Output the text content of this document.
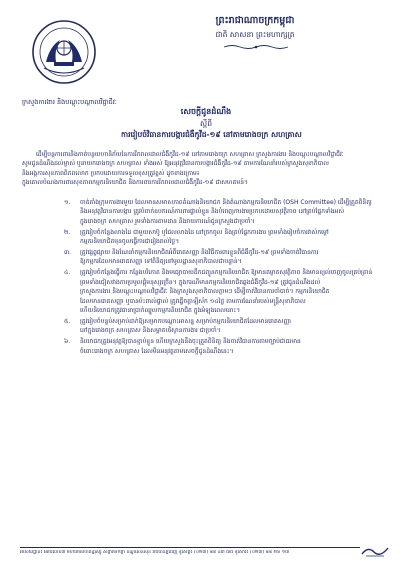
ព្រះរាជាណាចក្រកម្ពុជា
ជាតិ សាសនា ព្រះមហាក្សត្រ
ក្រសួងការងារ និងបណ្តុះបណ្តាលវិជ្ជាជីវៈ
សេចក្តីជូនដំណឹង
ស្តីពី
ការរៀបចំវិធានការបង្ការជំងឺកូវីដ-១៩ នៅតាមរោងចក្រ សហគ្រាស

ដើម្បីបន្តការពារនិងកាត់បន្ថយហានិភ័យនៃការរីករាលដាលជំងឺកូវីដ-១៩ នៅតាមរោងចក្រ សហគ្រាស ក្រសួងការងារ និងបណ្តុះបណ្តាលវិជ្ជាជីវៈ

សូមជូនដំណឹងដល់ម្ចាស់ ឬនាយករោងចក្រ សហគ្រាស ទាំងអស់ ឱ្យអនុវត្តវិធានការបង្ការជំងឺកូវីដ-១៩ តាមការណែនាំរបស់ក្រសួងសុខាភិបាល

និងអង្គការសុខភាពពិភពលោក ប្រកបដោយការទទួលខុសត្រូវខ្ពស់ ដូចខាងក្រោម៖

ក្នុងគោលបំណងការពារសុខភាពកម្មករនិយោជិត និងការពារការរីករាលដាលជំងឺកូវីដ-១៩ ជាសហគមន៍។

១. ចាត់តាំងក្រុមការងារមួយ ដែលមានសមាសភាពតំណាងនិយោជក និងតំណាងកម្មករនិយោជិត (OSH Committee) ដើម្បីត្រួតពិនិត្យ

និងអនុវត្តវិធានការបង្ការ ត្រូវបំពាក់ឧបករណ៍ការពារផ្ទាល់ខ្លួន និងបំពេញការងារប្រកបដោយសុវត្ថិភាព នៅគ្រប់ផ្នែកទាំងអស់

ក្នុងរោងចក្រ សហគ្រាស រួមទាំងការតាមដាន និងរាយការណ៍ជូនក្រសួងជាប្រចាំ។

២. ត្រូវរៀបចំកន្លែងលាងដៃ ជាមួយសាប៊ូ ឬជែលលាងដៃ នៅច្រកចូល និងគ្រប់ផ្នែកការងារ ព្រមទាំងរៀបចំការវាស់កម្តៅ

កម្មករនិយោជិតមុនចូលធ្វើការជារៀងរាល់ថ្ងៃ។

៣. ត្រូវផ្សព្វផ្សាយ និងណែនាំកម្មករនិយោជិតអំពីរោគសញ្ញា និងវិធីការពារខ្លួនពីជំងឺកូវីដ-១៩ ព្រមទាំងចាត់វិធានការ

ឱ្យកម្មករដែលមានរោគសញ្ញា ទៅពិនិត្យនៅមូលដ្ឋានសុខាភិបាលជាបន្ទាន់។

៤. ត្រូវរៀបចំកន្លែងធ្វើការ កន្លែងបរិភោគ និងមធ្យោបាយដឹកជញ្ជូនកម្មករនិយោជិត ឱ្យមានគម្លាតសុវត្ថិភាព និងមានខ្យល់ចេញចូលគ្រប់គ្រាន់

ព្រមទាំងជៀសវាងការប្រមូលផ្តុំមនុស្សច្រើន។ ក្នុងករណីមានកម្មករនិយោជិតឆ្លងជំងឺកូវីដ-១៩ ត្រូវជូនដំណឹងដល់

ក្រសួងការងារ និងបណ្តុះបណ្តាលវិជ្ជាជីវៈ និងក្រសួងសុខាភិបាលភ្លាមៗ ដើម្បីចាត់វិធានការចាំបាច់។ កម្មករនិយោជិត

ដែលមានរោគសញ្ញា ឬបានប៉ះពាល់ផ្ទាល់ ត្រូវធ្វើចត្តាឡីស័ក ១៤ថ្ងៃ តាមការណែនាំរបស់មន្ត្រីសុខាភិបាល

ហើយនិយោជកត្រូវធានាប្រាក់ឈ្នួលកម្មករនិយោជិត ក្នុងអំឡុងពេលនោះ។

៥. ត្រូវរៀបចំបន្ទប់សម្រាប់ដាក់ឱ្យសម្រាកបណ្តោះអាសន្ន សម្រាប់កម្មករនិយោជិតដែលមានរោគសញ្ញា

នៅក្នុងរោងចក្រ សហគ្រាស និងសម្អាតបរិស្ថានការងារ ជាប្រចាំ។

៦. និយោជកត្រូវអនុវត្តឱ្យបានខ្ជាប់ខ្ជួន ហើយក្រសួងនឹងចុះត្រួតពិនិត្យ និងចាត់វិធានការតាមច្បាប់ជាធរមាន

ចំពោះរោងចក្រ សហគ្រាស ដែលមិនអនុវត្តតាមសេចក្តីជូនដំណឹងនេះ។

អាសយដ្ឋាន៖ អគារលេខ៣ មហាវិថីសហព័ន្ធរុស្ស៊ី សង្កាត់ទឹកថ្លា ខណ្ឌសែនសុខ រាជធានីភ្នំពេញ ទូរស័ព្ទ៖ (០២៣) ៨៨ ៤៣ ៧៥ ទូរសារ៖ (០២៣) ៨៨ ២៦ ១៧
